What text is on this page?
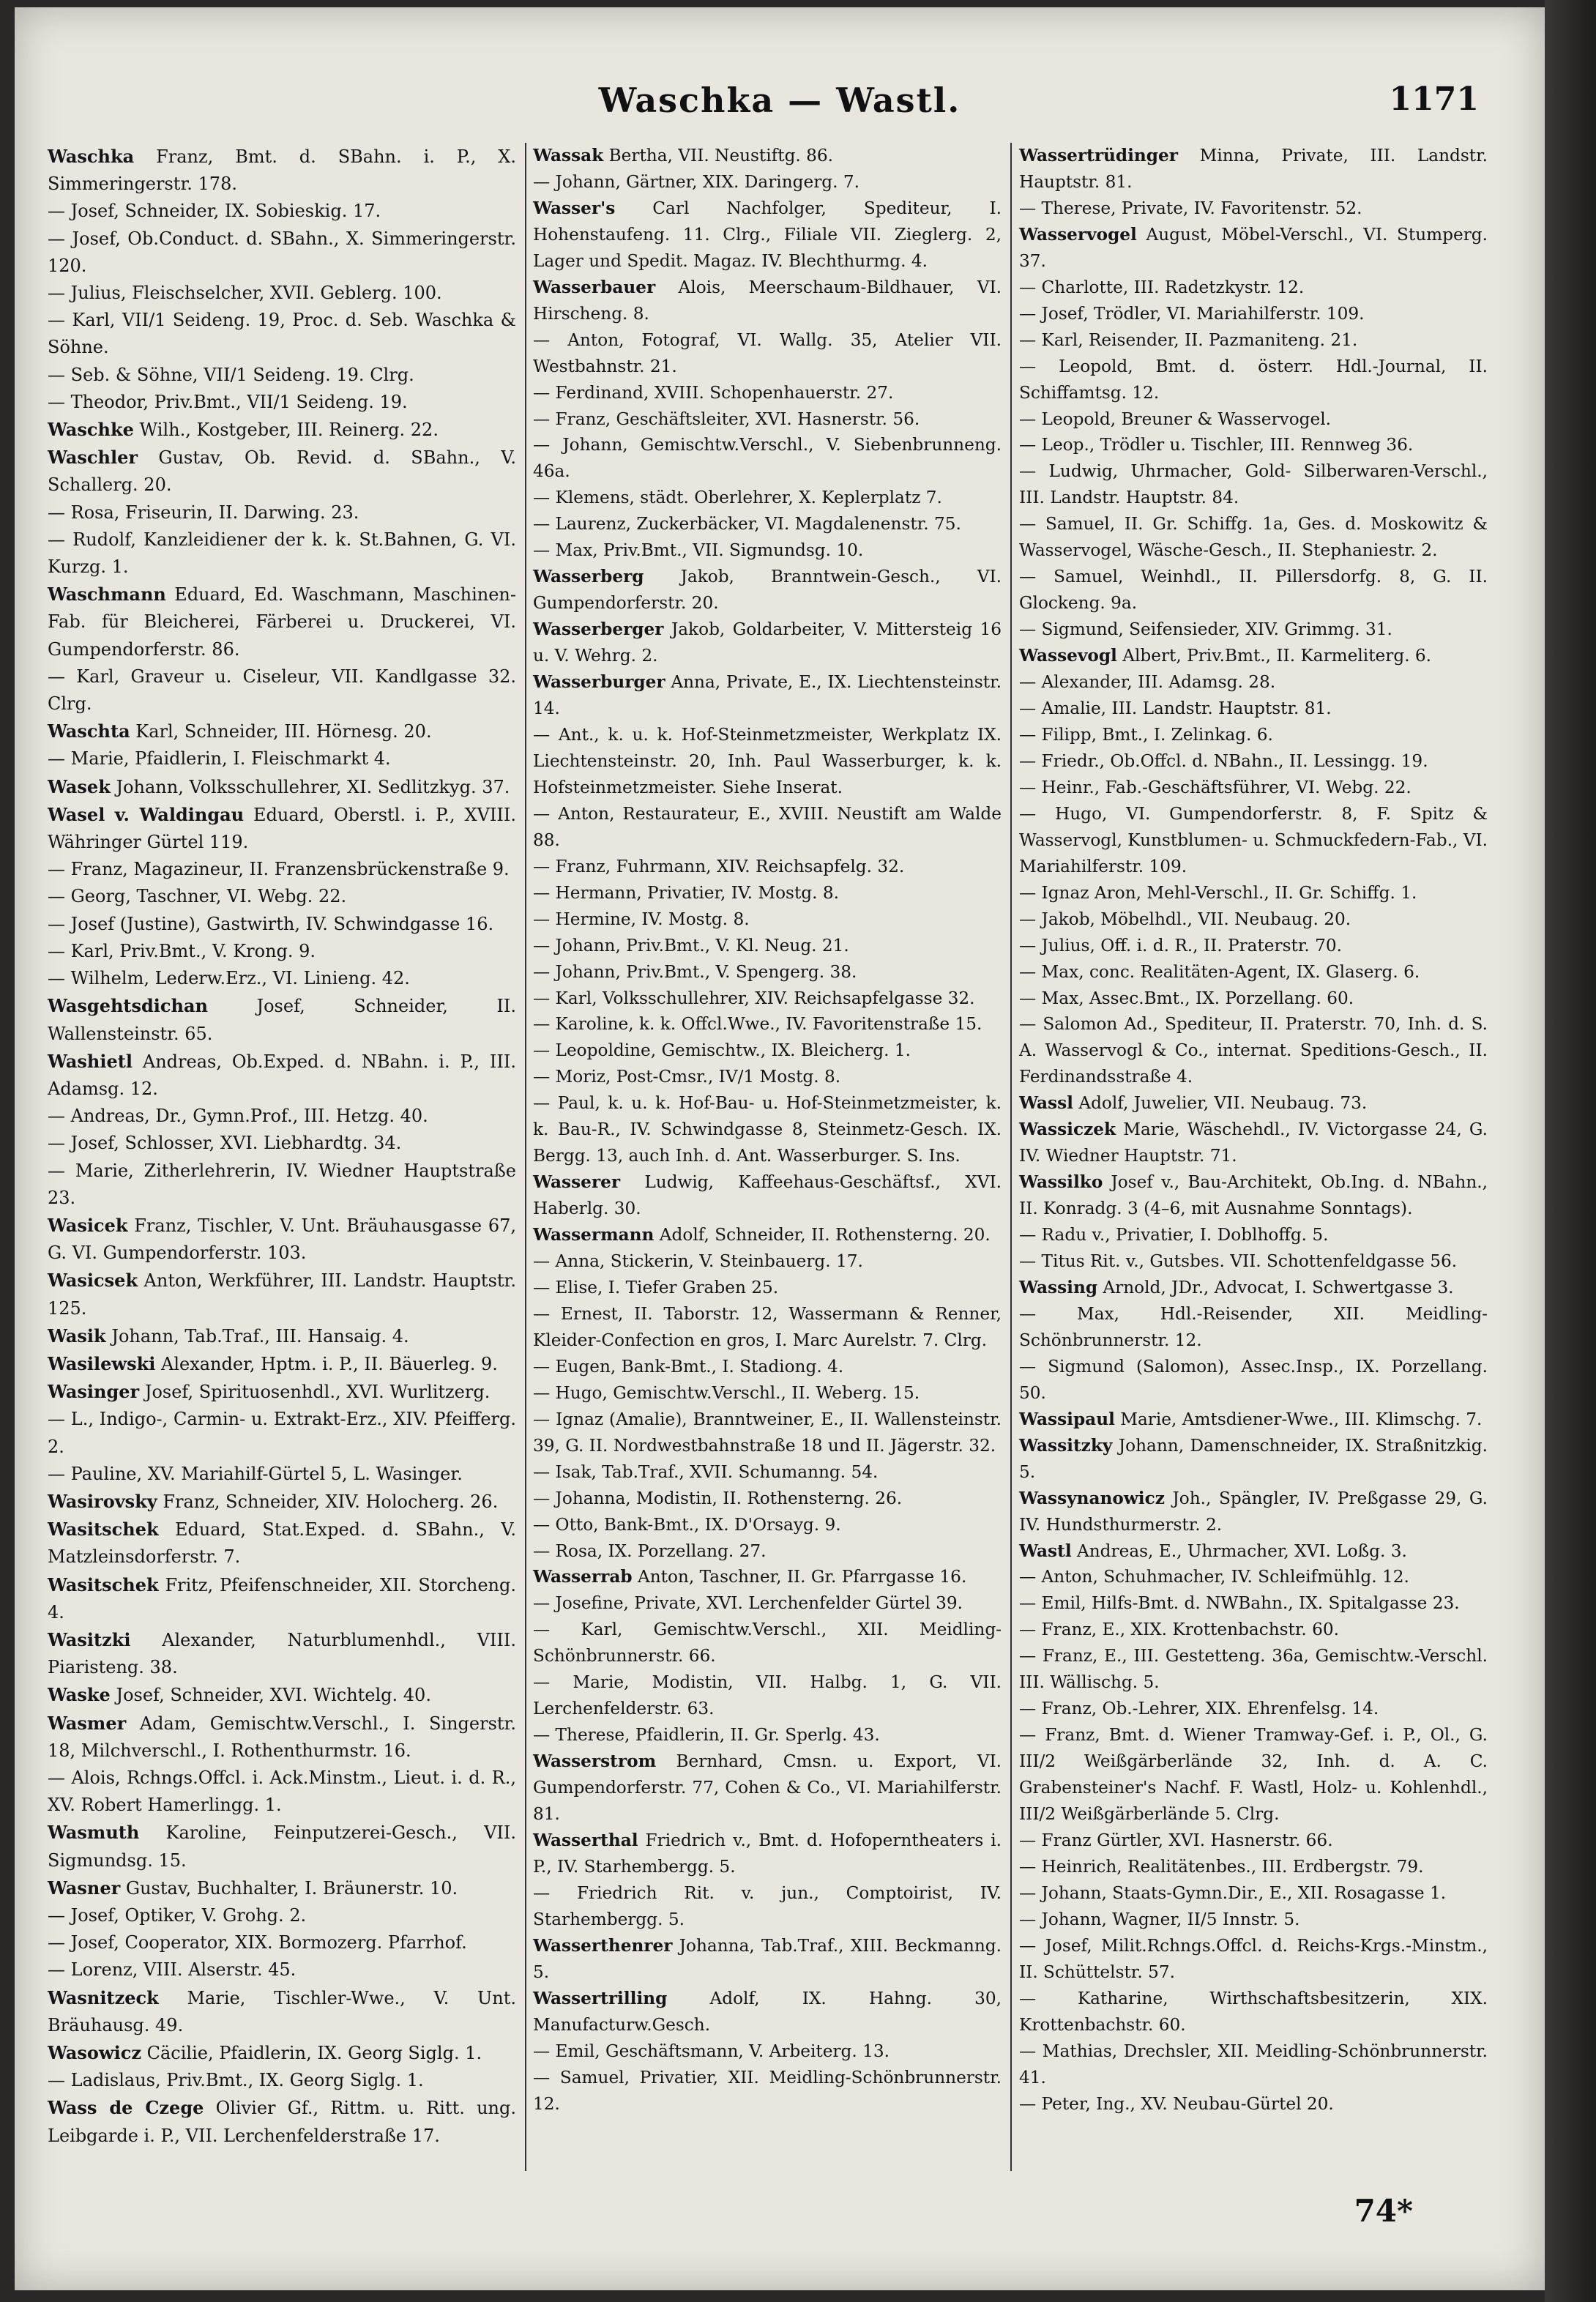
Waschka — Wastl.	1171

Waschka Franz, Bmt. d. SBahn. i. P., X. Simmeringerstr. 178.

— Josef, Schneider, IX. Sobieskig. 17.

— Josef, Ob.Conduct. d. SBahn., X. Simmeringerstr. 120.

— Julius, Fleischselcher, XVII. Geblerg. 100.

— Karl, VII/1 Seideng. 19, Proc. d. Seb. Waschka & Söhne.

— Seb. & Söhne, VII/1 Seideng. 19. Clrg.

— Theodor, Priv.Bmt., VII/1 Seideng. 19.

Waschke Wilh., Kostgeber, III. Reinerg. 22.

Waschler Gustav, Ob. Revid. d. SBahn., V. Schallerg. 20.

— Rosa, Friseurin, II. Darwing. 23.

— Rudolf, Kanzleidiener der k. k. St.Bahnen, G. VI. Kurzg. 1.

Waschmann Eduard, Ed. Waschmann, Maschinen-Fab. für Bleicherei, Färberei u. Druckerei, VI. Gumpendorferstr. 86.

— Karl, Graveur u. Ciseleur, VII. Kandlgasse 32. Clrg.

Waschta Karl, Schneider, III. Hörnesg. 20.

— Marie, Pfaidlerin, I. Fleischmarkt 4.

Wasek Johann, Volksschullehrer, XI. Sedlitzkyg. 37.

Wasel v. Waldingau Eduard, Oberstl. i. P., XVIII. Währinger Gürtel 119.

— Franz, Magazineur, II. Franzensbrückenstraße 9.

— Georg, Taschner, VI. Webg. 22.

— Josef (Justine), Gastwirth, IV. Schwindgasse 16.

— Karl, Priv.Bmt., V. Krong. 9.

— Wilhelm, Lederw.Erz., VI. Linieng. 42.

Wasgehtsdichan Josef, Schneider, II. Wallensteinstr. 65.

Washietl Andreas, Ob.Exped. d. NBahn. i. P., III. Adamsg. 12.

— Andreas, Dr., Gymn.Prof., III. Hetzg. 40.

— Josef, Schlosser, XVI. Liebhardtg. 34.

— Marie, Zitherlehrerin, IV. Wiedner Hauptstraße 23.

Wasicek Franz, Tischler, V. Unt. Bräuhausgasse 67, G. VI. Gumpendorferstr. 103.

Wasicsek Anton, Werkführer, III. Landstr. Hauptstr. 125.

Wasik Johann, Tab.Traf., III. Hansaig. 4.

Wasilewski Alexander, Hptm. i. P., II. Bäuerleg. 9.

Wasinger Josef, Spirituosenhdl., XVI. Wurlitzerg.

— L., Indigo-, Carmin- u. Extrakt-Erz., XIV. Pfeifferg. 2.

— Pauline, XV. Mariahilf-Gürtel 5, L. Wasinger.

Wasirovsky Franz, Schneider, XIV. Holocherg. 26.

Wasitschek Eduard, Stat.Exped. d. SBahn., V. Matzleinsdorferstr. 7.

Wasitschek Fritz, Pfeifenschneider, XII. Storcheng. 4.

Wasitzki Alexander, Naturblumenhdl., VIII. Piaristeng. 38.

Waske Josef, Schneider, XVI. Wichtelg. 40.

Wasmer Adam, Gemischtw.Verschl., I. Singerstr. 18, Milchverschl., I. Rothenthurmstr. 16.

— Alois, Rchngs.Offcl. i. Ack.Minstm., Lieut. i. d. R., XV. Robert Hamerlingg. 1.

Wasmuth Karoline, Feinputzerei-Gesch., VII. Sigmundsg. 15.

Wasner Gustav, Buchhalter, I. Bräunerstr. 10.

— Josef, Optiker, V. Grohg. 2.

— Josef, Cooperator, XIX. Bormozerg. Pfarrhof.

— Lorenz, VIII. Alserstr. 45.

Wasnitzeck Marie, Tischler-Wwe., V. Unt. Bräuhausg. 49.

Wasowicz Cäcilie, Pfaidlerin, IX. Georg Siglg. 1.

— Ladislaus, Priv.Bmt., IX. Georg Siglg. 1.

Wass de Czege Olivier Gf., Rittm. u. Ritt. ung. Leibgarde i. P., VII. Lerchenfelderstraße 17.

Wassak Bertha, VII. Neustiftg. 86.

— Johann, Gärtner, XIX. Daringerg. 7.

Wasser's Carl Nachfolger, Spediteur, I. Hohenstaufeng. 11. Clrg., Filiale VII. Zieglerg. 2, Lager und Spedit. Magaz. IV. Blechthurmg. 4.

Wasserbauer Alois, Meerschaum-Bildhauer, VI. Hirscheng. 8.

— Anton, Fotograf, VI. Wallg. 35, Atelier VII. Westbahnstr. 21.

— Ferdinand, XVIII. Schopenhauerstr. 27.

— Franz, Geschäftsleiter, XVI. Hasnerstr. 56.

— Johann, Gemischtw.Verschl., V. Siebenbrunneng. 46a.

— Klemens, städt. Oberlehrer, X. Keplerplatz 7.

— Laurenz, Zuckerbäcker, VI. Magdalenenstr. 75.

— Max, Priv.Bmt., VII. Sigmundsg. 10.

Wasserberg Jakob, Branntwein-Gesch., VI. Gumpendorferstr. 20.

Wasserberger Jakob, Goldarbeiter, V. Mittersteig 16 u. V. Wehrg. 2.

Wasserburger Anna, Private, E., IX. Liechtensteinstr. 14.

— Ant., k. u. k. Hof-Steinmetzmeister, Werkplatz IX. Liechtensteinstr. 20, Inh. Paul Wasserburger, k. k. Hofsteinmetzmeister. Siehe Inserat.

— Anton, Restaurateur, E., XVIII. Neustift am Walde 88.

— Franz, Fuhrmann, XIV. Reichsapfelg. 32.

— Hermann, Privatier, IV. Mostg. 8.

— Hermine, IV. Mostg. 8.

— Johann, Priv.Bmt., V. Kl. Neug. 21.

— Johann, Priv.Bmt., V. Spengerg. 38.

— Karl, Volksschullehrer, XIV. Reichsapfelgasse 32.

— Karoline, k. k. Offcl.Wwe., IV. Favoritenstraße 15.

— Leopoldine, Gemischtw., IX. Bleicherg. 1.

— Moriz, Post-Cmsr., IV/1 Mostg. 8.

— Paul, k. u. k. Hof-Bau- u. Hof-Steinmetzmeister, k. k. Bau-R., IV. Schwindgasse 8, Steinmetz-Gesch. IX. Bergg. 13, auch Inh. d. Ant. Wasserburger. S. Ins.

Wasserer Ludwig, Kaffeehaus-Geschäftsf., XVI. Haberlg. 30.

Wassermann Adolf, Schneider, II. Rothensterng. 20.

— Anna, Stickerin, V. Steinbauerg. 17.

— Elise, I. Tiefer Graben 25.

— Ernest, II. Taborstr. 12, Wassermann & Renner, Kleider-Confection en gros, I. Marc Aurelstr. 7. Clrg.

— Eugen, Bank-Bmt., I. Stadiong. 4.

— Hugo, Gemischtw.Verschl., II. Weberg. 15.

— Ignaz (Amalie), Branntweiner, E., II. Wallensteinstr. 39, G. II. Nordwestbahnstraße 18 und II. Jägerstr. 32.

— Isak, Tab.Traf., XVII. Schumanng. 54.

— Johanna, Modistin, II. Rothensterng. 26.

— Otto, Bank-Bmt., IX. D'Orsayg. 9.

— Rosa, IX. Porzellang. 27.

Wasserrab Anton, Taschner, II. Gr. Pfarrgasse 16.

— Josefine, Private, XVI. Lerchenfelder Gürtel 39.

— Karl, Gemischtw.Verschl., XII. Meidling-Schönbrunnerstr. 66.

— Marie, Modistin, VII. Halbg. 1, G. VII. Lerchenfelderstr. 63.

— Therese, Pfaidlerin, II. Gr. Sperlg. 43.

Wasserstrom Bernhard, Cmsn. u. Export, VI. Gumpendorferstr. 77, Cohen & Co., VI. Mariahilferstr. 81.

Wasserthal Friedrich v., Bmt. d. Hofoperntheaters i. P., IV. Starhembergg. 5.

— Friedrich Rit. v. jun., Comptoirist, IV. Starhembergg. 5.

Wasserthenrer Johanna, Tab.Traf., XIII. Beckmanng. 5.

Wassertrilling Adolf, IX. Hahng. 30, Manufacturw.Gesch.

— Emil, Geschäftsmann, V. Arbeiterg. 13.

— Samuel, Privatier, XII. Meidling-Schönbrunnerstr. 12.

Wassertrüdinger Minna, Private, III. Landstr. Hauptstr. 81.

— Therese, Private, IV. Favoritenstr. 52.

Wasservogel August, Möbel-Verschl., VI. Stumperg. 37.

— Charlotte, III. Radetzkystr. 12.

— Josef, Trödler, VI. Mariahilferstr. 109.

— Karl, Reisender, II. Pazmaniteng. 21.

— Leopold, Bmt. d. österr. Hdl.-Journal, II. Schiffamtsg. 12.

— Leopold, Breuner & Wasservogel.

— Leop., Trödler u. Tischler, III. Rennweg 36.

— Ludwig, Uhrmacher, Gold- Silberwaren-Verschl., III. Landstr. Hauptstr. 84.

— Samuel, II. Gr. Schiffg. 1a, Ges. d. Moskowitz & Wasservogel, Wäsche-Gesch., II. Stephaniestr. 2.

— Samuel, Weinhdl., II. Pillersdorfg. 8, G. II. Glockeng. 9a.

— Sigmund, Seifensieder, XIV. Grimmg. 31.

Wassevogl Albert, Priv.Bmt., II. Karmeliterg. 6.

— Alexander, III. Adamsg. 28.

— Amalie, III. Landstr. Hauptstr. 81.

— Filipp, Bmt., I. Zelinkag. 6.

— Friedr., Ob.Offcl. d. NBahn., II. Lessingg. 19.

— Heinr., Fab.-Geschäftsführer, VI. Webg. 22.

— Hugo, VI. Gumpendorferstr. 8, F. Spitz & Wasservogl, Kunstblumen- u. Schmuckfedern-Fab., VI. Mariahilferstr. 109.

— Ignaz Aron, Mehl-Verschl., II. Gr. Schiffg. 1.

— Jakob, Möbelhdl., VII. Neubaug. 20.

— Julius, Off. i. d. R., II. Praterstr. 70.

— Max, conc. Realitäten-Agent, IX. Glaserg. 6.

— Max, Assec.Bmt., IX. Porzellang. 60.

— Salomon Ad., Spediteur, II. Praterstr. 70, Inh. d. S. A. Wasservogl & Co., internat. Speditions-Gesch., II. Ferdinandsstraße 4.

Wassl Adolf, Juwelier, VII. Neubaug. 73.

Wassiczek Marie, Wäschehdl., IV. Victorgasse 24, G. IV. Wiedner Hauptstr. 71.

Wassilko Josef v., Bau-Architekt, Ob.Ing. d. NBahn., II. Konradg. 3 (4–6, mit Ausnahme Sonntags).

— Radu v., Privatier, I. Doblhoffg. 5.

— Titus Rit. v., Gutsbes. VII. Schottenfeldgasse 56.

Wassing Arnold, JDr., Advocat, I. Schwertgasse 3.

— Max, Hdl.-Reisender, XII. Meidling-Schönbrunnerstr. 12.

— Sigmund (Salomon), Assec.Insp., IX. Porzellang. 50.

Wassipaul Marie, Amtsdiener-Wwe., III. Klimschg. 7.

Wassitzky Johann, Damenschneider, IX. Straßnitzkig. 5.

Wassynanowicz Joh., Spängler, IV. Preßgasse 29, G. IV. Hundsthurmerstr. 2.

Wastl Andreas, E., Uhrmacher, XVI. Loßg. 3.

— Anton, Schuhmacher, IV. Schleifmühlg. 12.

— Emil, Hilfs-Bmt. d. NWBahn., IX. Spitalgasse 23.

— Franz, E., XIX. Krottenbachstr. 60.

— Franz, E., III. Gestetteng. 36a, Gemischtw.-Verschl. III. Wällischg. 5.

— Franz, Ob.-Lehrer, XIX. Ehrenfelsg. 14.

— Franz, Bmt. d. Wiener Tramway-Gef. i. P., Ol., G. III/2 Weißgärberlände 32, Inh. d. A. C. Grabensteiner's Nachf. F. Wastl, Holz- u. Kohlenhdl., III/2 Weißgärberlände 5. Clrg.

— Franz Gürtler, XVI. Hasnerstr. 66.

— Heinrich, Realitätenbes., III. Erdbergstr. 79.

— Johann, Staats-Gymn.Dir., E., XII. Rosagasse 1.

— Johann, Wagner, II/5 Innstr. 5.

— Josef, Milit.Rchngs.Offcl. d. Reichs-Krgs.-Minstm., II. Schüttelstr. 57.

— Katharine, Wirthschaftsbesitzerin, XIX. Krottenbachstr. 60.

— Mathias, Drechsler, XII. Meidling-Schönbrunnerstr. 41.

— Peter, Ing., XV. Neubau-Gürtel 20.

74*
